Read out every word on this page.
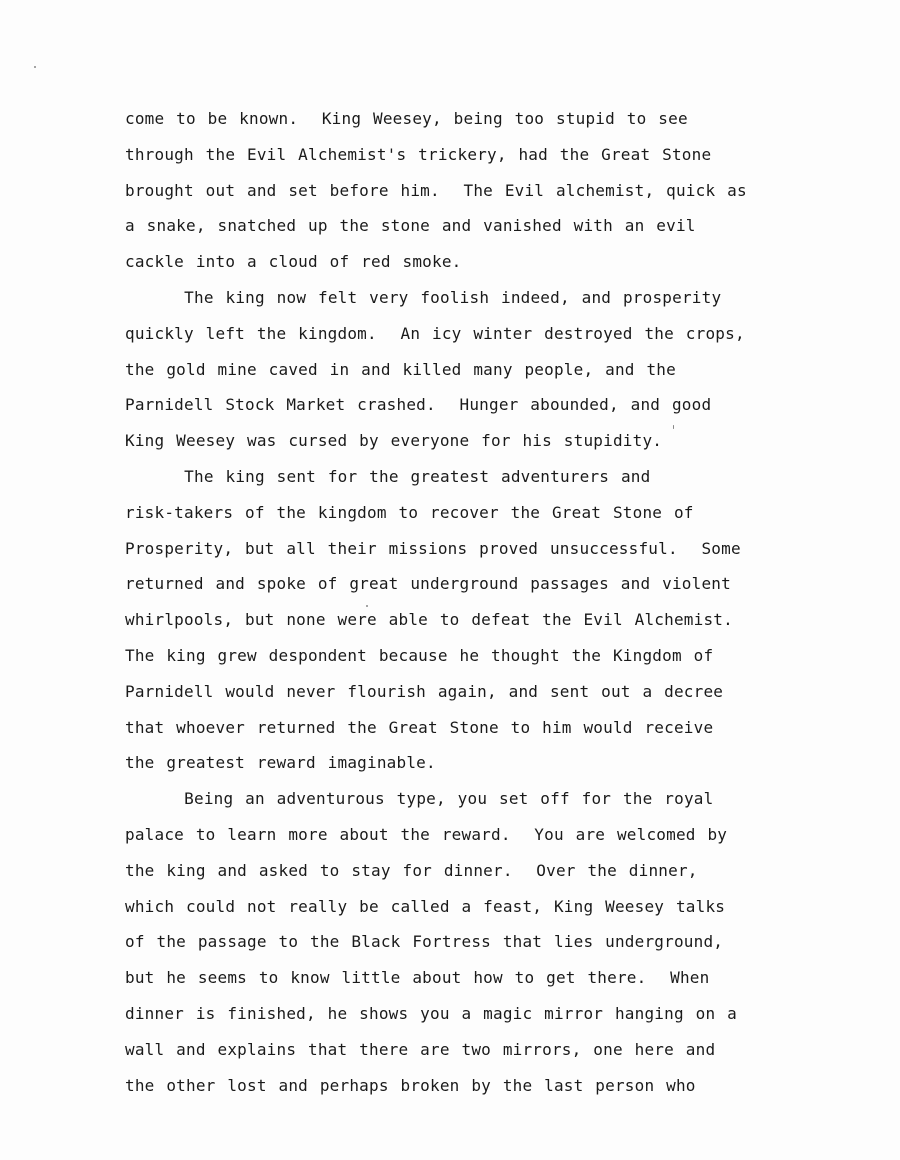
come to be known.  King Weesey, being too stupid to see
through the Evil Alchemist's trickery, had the Great Stone
brought out and set before him.  The Evil alchemist, quick as
a snake, snatched up the stone and vanished with an evil
cackle into a cloud of red smoke.
The king now felt very foolish indeed, and prosperity
quickly left the kingdom.  An icy winter destroyed the crops,
the gold mine caved in and killed many people, and the
Parnidell Stock Market crashed.  Hunger abounded, and good
King Weesey was cursed by everyone for his stupidity.
The king sent for the greatest adventurers and
risk-takers of the kingdom to recover the Great Stone of
Prosperity, but all their missions proved unsuccessful.  Some
returned and spoke of great underground passages and violent
whirlpools, but none were able to defeat the Evil Alchemist.
The king grew despondent because he thought the Kingdom of
Parnidell would never flourish again, and sent out a decree
that whoever returned the Great Stone to him would receive
the greatest reward imaginable.
Being an adventurous type, you set off for the royal
palace to learn more about the reward.  You are welcomed by
the king and asked to stay for dinner.  Over the dinner,
which could not really be called a feast, King Weesey talks
of the passage to the Black Fortress that lies underground,
but he seems to know little about how to get there.  When
dinner is finished, he shows you a magic mirror hanging on a
wall and explains that there are two mirrors, one here and
the other lost and perhaps broken by the last person who
